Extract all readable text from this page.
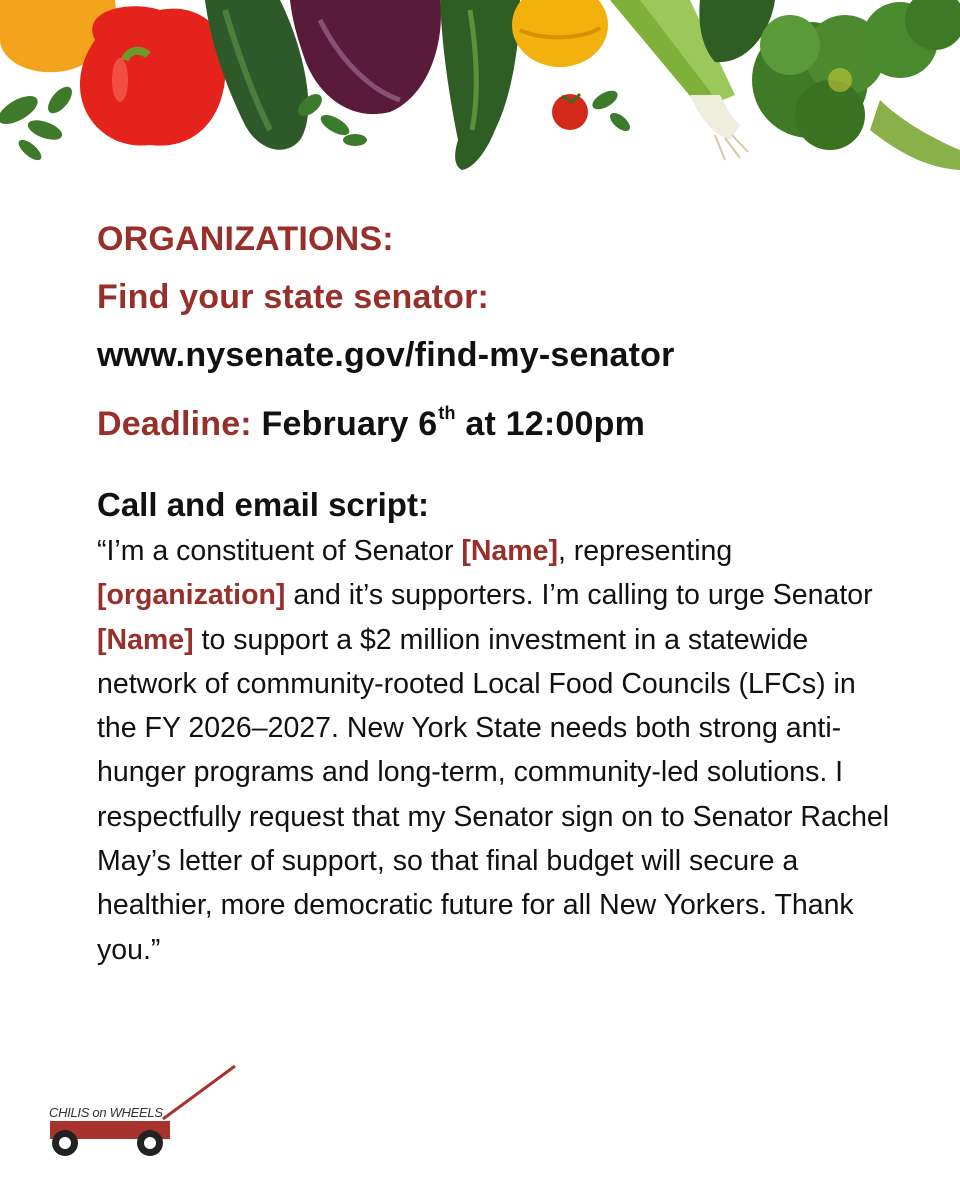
ORGANIZATIONS:
Find your state senator:
www.nysenate.gov/find-my-senator
Deadline: February 6th at 12:00pm
Call and email script:
“I’m a constituent of Senator [Name], representing [organization] and it’s supporters. I’m calling to urge Senator [Name] to support a $2 million investment in a statewide network of community-rooted Local Food Councils (LFCs) in the FY 2026–2027. New York State needs both strong anti-hunger programs and long-term, community-led solutions. I respectfully request that my Senator sign on to Senator Rachel May’s letter of support, so that final budget will secure a healthier, more democratic future for all New Yorkers. Thank you.”
CHILIS on WHEELS
